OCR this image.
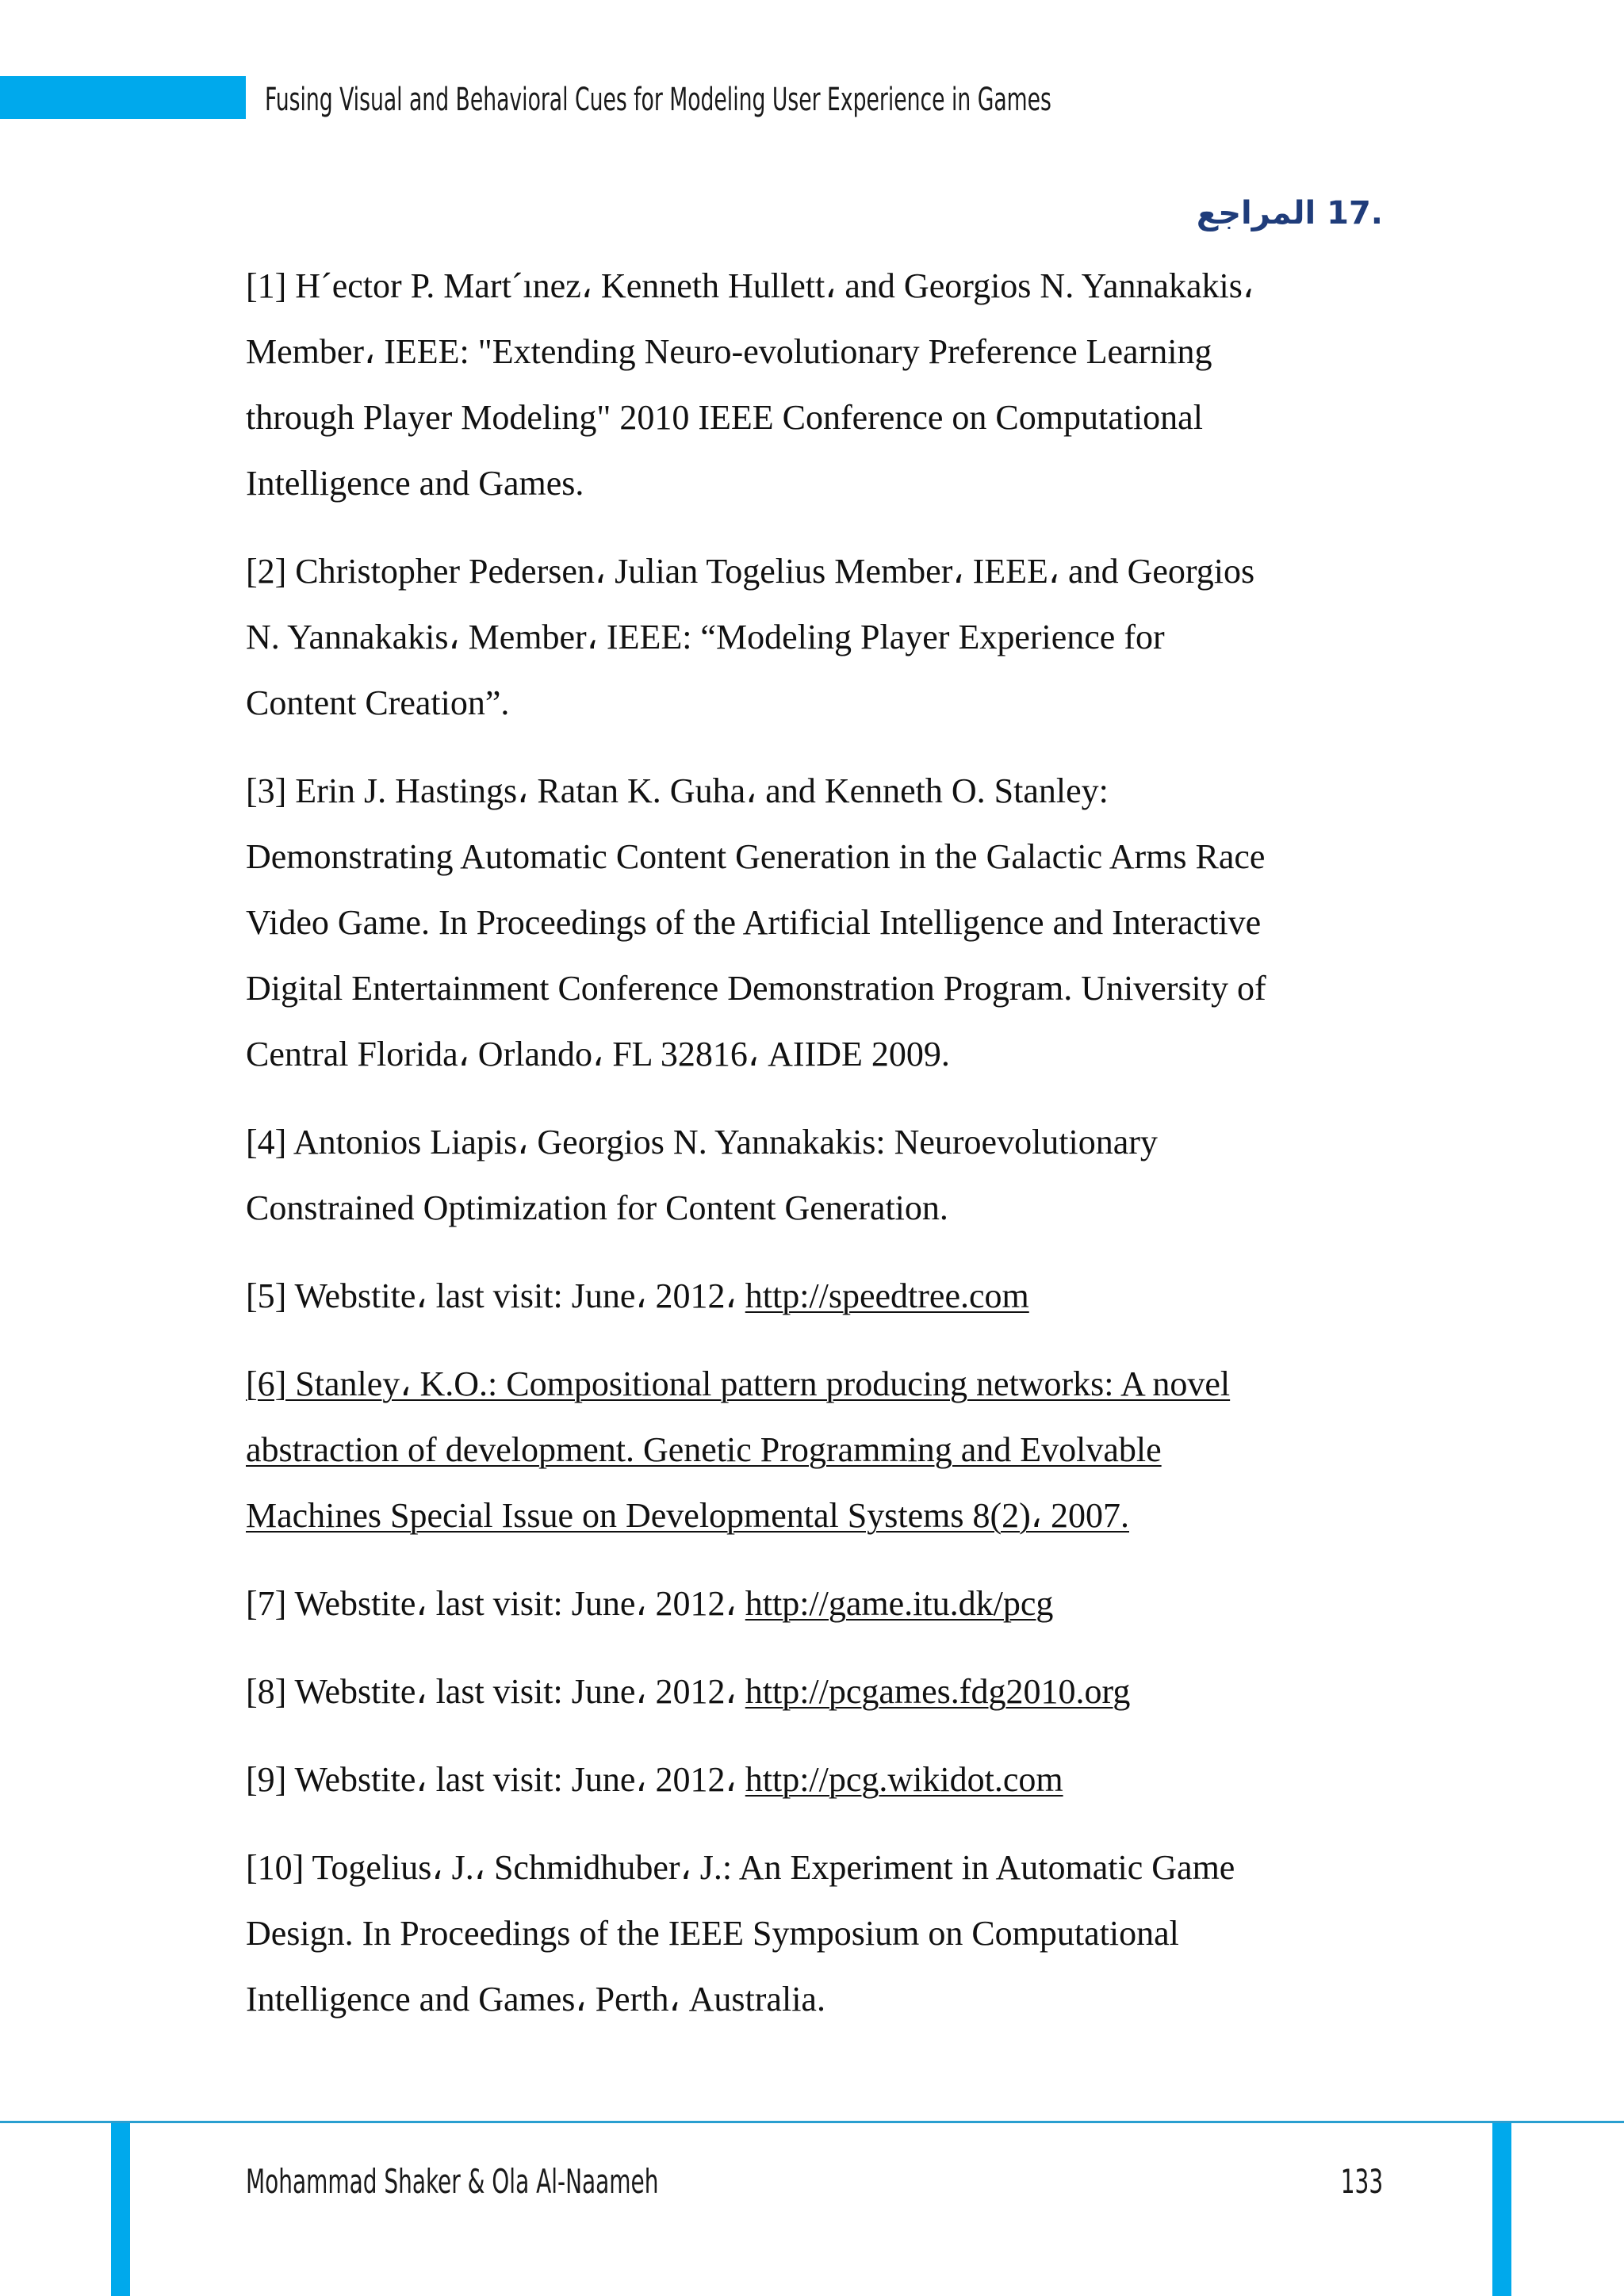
Fusing Visual and Behavioral Cues for Modeling User Experience in Games
.17 المراجع
[1] H´ector P. Mart´ınez، Kenneth Hullett، and Georgios N. Yannakakis،
Member، IEEE: "Extending Neuro-evolutionary Preference Learning
through Player Modeling" 2010 IEEE Conference on Computational
Intelligence and Games.
[2] Christopher Pedersen، Julian Togelius Member، IEEE، and Georgios
N. Yannakakis، Member، IEEE: “Modeling Player Experience for
Content Creation”.
[3] Erin J. Hastings، Ratan K. Guha، and Kenneth O. Stanley:
Demonstrating Automatic Content Generation in the Galactic Arms Race
Video Game. In Proceedings of the Artificial Intelligence and Interactive
Digital Entertainment Conference Demonstration Program. University of
Central Florida، Orlando، FL 32816، AIIDE 2009.
[4] Antonios Liapis، Georgios N. Yannakakis: Neuroevolutionary
Constrained Optimization for Content Generation.
[5] Webstite، last visit: June، 2012، http://speedtree.com
[6] Stanley، K.O.: Compositional pattern producing networks: A novel
abstraction of development. Genetic Programming and Evolvable
Machines Special Issue on Developmental Systems 8(2)، 2007.
[7] Webstite، last visit: June، 2012، http://game.itu.dk/pcg
[8] Webstite، last visit: June، 2012، http://pcgames.fdg2010.org
[9] Webstite، last visit: June، 2012، http://pcg.wikidot.com
[10] Togelius، J.، Schmidhuber، J.: An Experiment in Automatic Game
Design. In Proceedings of the IEEE Symposium on Computational
Intelligence and Games، Perth، Australia.
Mohammad Shaker & Ola Al-Naameh	133
